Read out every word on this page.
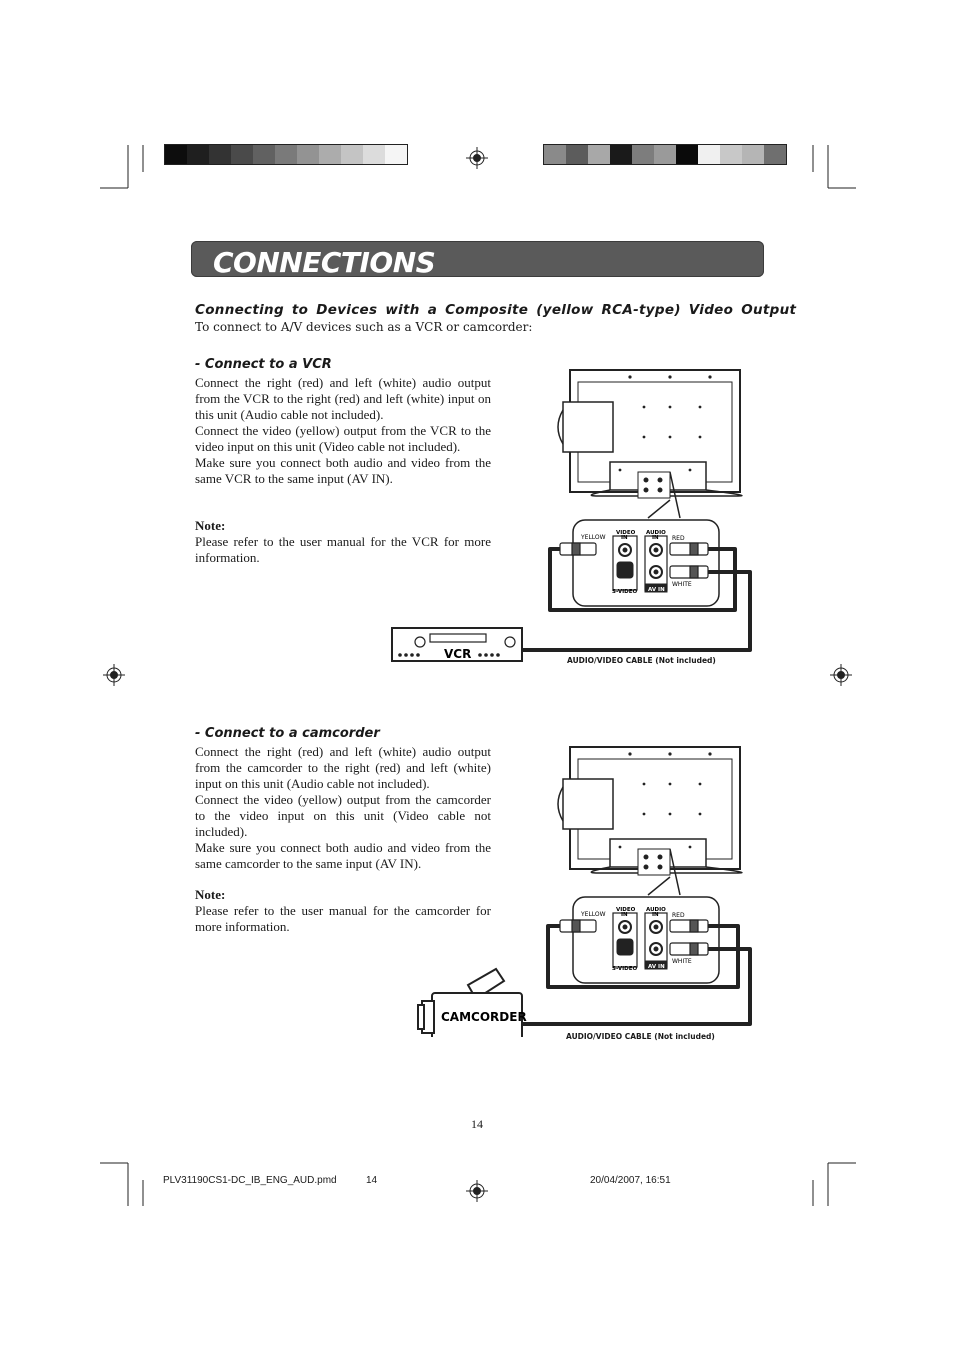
CONNECTIONS
Connecting to Devices with a Composite (yellow RCA-type) Video Output
To connect to A/V devices such as a VCR or camcorder:
- Connect to a VCR

Connect the right (red) and left (white) audio output from the VCR to the right (red) and left (white) input on this unit (Audio cable not included).

Connect the video (yellow) output from the VCR to the video input on this unit (Video cable not included).

Make sure you connect both audio and video from the same VCR to the same input (AV IN).

Note:
Please refer to the user manual for the VCR for more information.
- Connect to a camcorder

Connect the right (red) and left (white) audio output from the camcorder to the right (red) and left (white) input on this unit (Audio cable not included).

Connect the video (yellow) output from the camcorder to the video input on this unit (Video cable not included).

Make sure you connect both audio and video from the same camcorder to the same input (AV IN).

Note:
Please refer to the user manual for the camcorder for more information.
VIDEO
IN
AUDIO
IN
S-VIDEO AV IN
YELLOW	RED
WHITE
VCR	AUDIO/VIDEO CABLE (Not included)
VIDEO
IN
AUDIO
IN
S-VIDEO AV IN
YELLOW	RED
WHITE
CAMCORDER
AUDIO/VIDEO CABLE (Not included)
14
PLV31190CS1-DC_IB_ENG_AUD.pmd	14	20/04/2007, 16:51
